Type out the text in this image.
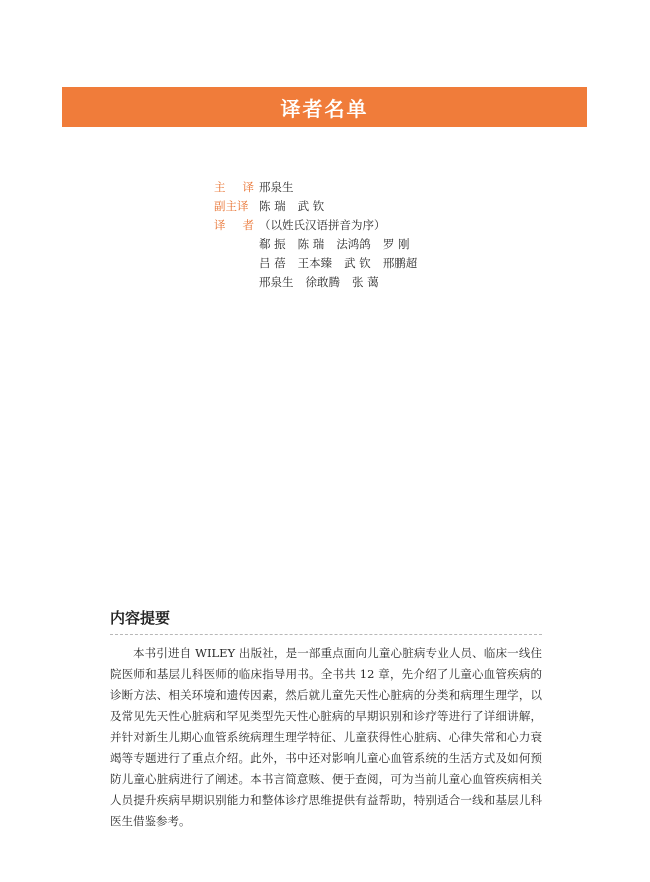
译者名单
主 译 邢泉生
副主译 陈 瑞 武 钦
译 者 （以姓氏汉语拼音为序）
郗 振 陈 瑞 法鸿鸽 罗 刚
吕 蓓 王本臻 武 钦 邢鹏超
邢泉生 徐敢腾 张 蔼
内容提要

本书引进自 WILEY 出版社，是一部重点面向儿童心脏病专业人员、临床一线住院医师和基层儿科医师的临床指导用书。全书共 12 章，先介绍了儿童心血管疾病的诊断方法、相关环境和遗传因素，然后就儿童先天性心脏病的分类和病理生理学，以及常见先天性心脏病和罕见类型先天性心脏病的早期识别和诊疗等进行了详细讲解，并针对新生儿期心血管系统病理生理学特征、儿童获得性心脏病、心律失常和心力衰竭等专题进行了重点介绍。此外，书中还对影响儿童心血管系统的生活方式及如何预防儿童心脏病进行了阐述。本书言简意赅、便于查阅，可为当前儿童心血管疾病相关人员提升疾病早期识别能力和整体诊疗思维提供有益帮助，特别适合一线和基层儿科医生借鉴参考。
